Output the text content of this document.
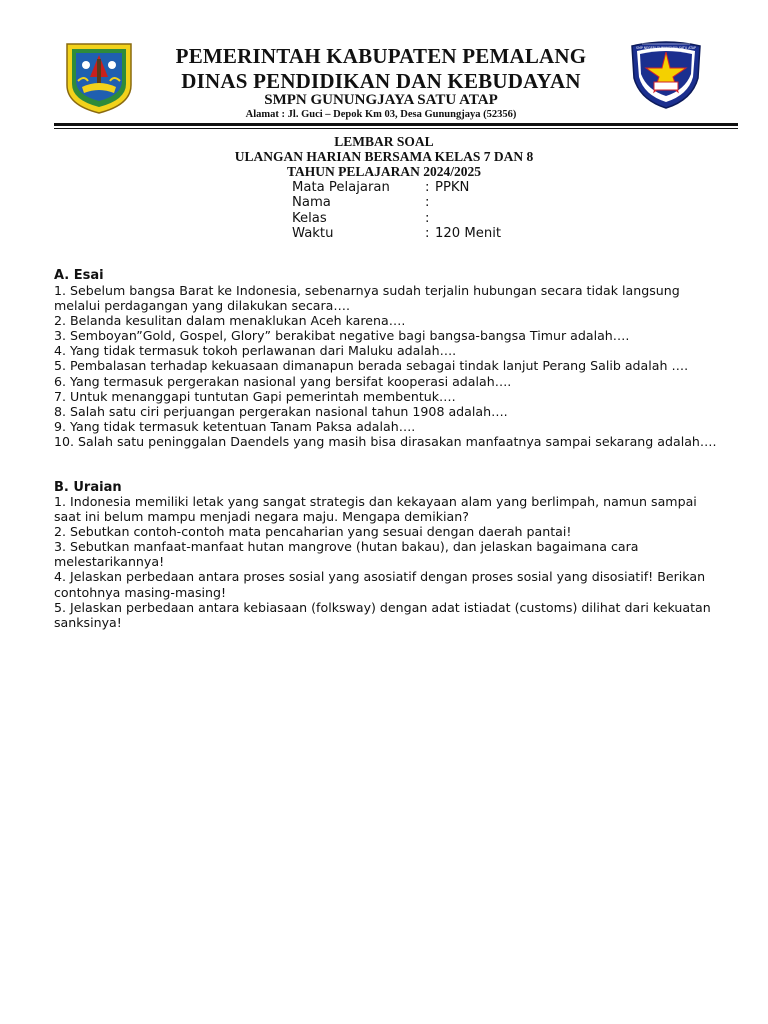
SMP NEGERI GUNUNGJAYA SATU ATAP
PEMERINTAH KABUPATEN PEMALANG
DINAS PENDIDIKAN DAN KEBUDAYAN
SMPN GUNUNGJAYA SATU ATAP
Alamat : Jl. Guci – Depok Km 03, Desa Gunungjaya (52356)
LEMBAR SOAL
ULANGAN HARIAN BERSAMA KELAS 7 DAN 8
TAHUN PELAJARAN 2024/2025
Mata Pelajaran	: PPKN
Nama	:
Kelas	:
Waktu	: 120 Menit
A. Esai
1. Sebelum bangsa Barat ke Indonesia, sebenarnya sudah terjalin hubungan secara tidak langsung melalui perdagangan yang dilakukan secara….
2. Belanda kesulitan dalam menaklukan Aceh karena….
3. Semboyan”Gold, Gospel, Glory” berakibat negative bagi bangsa-bangsa Timur adalah….
4. Yang tidak termasuk tokoh perlawanan dari Maluku adalah….
5. Pembalasan terhadap kekuasaan dimanapun berada sebagai tindak lanjut Perang Salib adalah ….
6. Yang termasuk pergerakan nasional yang bersifat kooperasi adalah….
7. Untuk menanggapi tuntutan Gapi pemerintah membentuk….
8. Salah satu ciri perjuangan pergerakan nasional tahun 1908 adalah….
9. Yang tidak termasuk ketentuan Tanam Paksa adalah….
10. Salah satu peninggalan Daendels yang masih bisa dirasakan manfaatnya sampai sekarang adalah….
B. Uraian
1. Indonesia memiliki letak yang sangat strategis dan kekayaan alam yang berlimpah, namun sampai saat ini belum mampu menjadi negara maju. Mengapa demikian?
2. Sebutkan contoh-contoh mata pencaharian yang sesuai dengan daerah pantai!
3. Sebutkan manfaat-manfaat hutan mangrove (hutan bakau), dan jelaskan bagaimana cara melestarikannya!
4. Jelaskan perbedaan antara proses sosial yang asosiatif dengan proses sosial yang disosiatif! Berikan contohnya masing-masing!
5. Jelaskan perbedaan antara kebiasaan (folksway) dengan adat istiadat (customs) dilihat dari kekuatan sanksinya!
